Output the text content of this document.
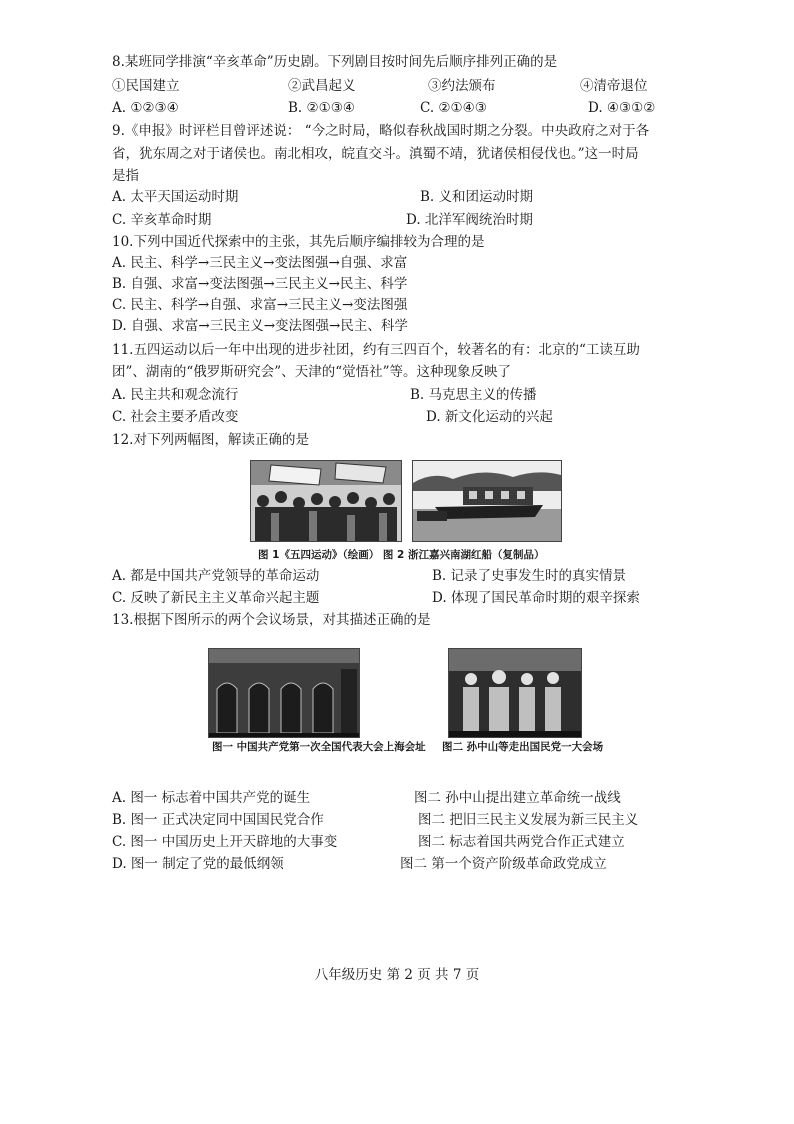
8.某班同学排演“辛亥革命”历史剧。下列剧目按时间先后顺序排列正确的是
①民国建立	②武昌起义	③约法颁布	④清帝退位
A. ①②③④	B. ②①③④	C. ②①④③	D. ④③①②
9.《申报》时评栏目曾评述说： “今之时局，略似春秋战国时期之分裂。中央政府之对于各
省，犹东周之对于诸侯也。南北相攻，皖直交斗。滇蜀不靖，犹诸侯相侵伐也。”这一时局
是指
A. 太平天国运动时期	B. 义和团运动时期
C. 辛亥革命时期	D. 北洋军阀统治时期
10.下列中国近代探索中的主张，其先后顺序编排较为合理的是
A. 民主、科学→三民主义→变法图强→自强、求富
B. 自强、求富→变法图强→三民主义→民主、科学
C. 民主、科学→自强、求富→三民主义→变法图强
D. 自强、求富→三民主义→变法图强→民主、科学
11.五四运动以后一年中出现的进步社团，约有三四百个，较著名的有：北京的“工读互助
团”、湖南的“俄罗斯研究会”、天津的“觉悟社”等。这种现象反映了
A. 民主共和观念流行	B. 马克思主义的传播
C. 社会主要矛盾改变	D. 新文化运动的兴起
12.对下列两幅图，解读正确的是
图 1《五四运动》（绘画） 图 2 浙江嘉兴南湖红船（复制品）
A. 都是中国共产党领导的革命运动	B. 记录了史事发生时的真实情景
C. 反映了新民主主义革命兴起主题	D. 体现了国民革命时期的艰辛探索
13.根据下图所示的两个会议场景，对其描述正确的是
图一 中国共产党第一次全国代表大会上海会址 图二 孙中山等走出国民党一大会场
A. 图一 标志着中国共产党的诞生	图二 孙中山提出建立革命统一战线
B. 图一 正式决定同中国国民党合作	图二 把旧三民主义发展为新三民主义
C. 图一 中国历史上开天辟地的大事变	图二 标志着国共两党合作正式建立
D. 图一 制定了党的最低纲领	图二 第一个资产阶级革命政党成立
八年级历史 第 2 页 共 7 页
